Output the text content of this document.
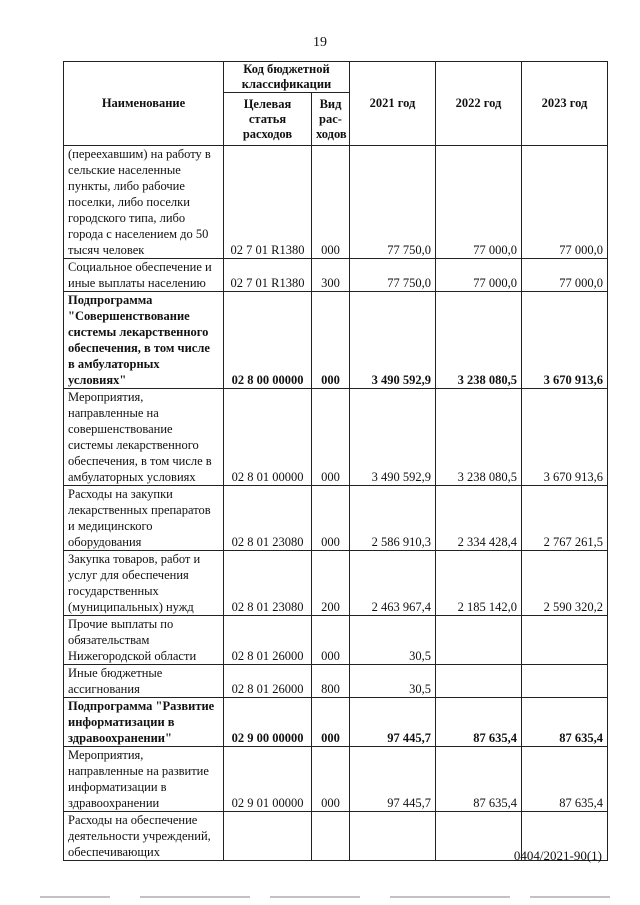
19
Наименование	Код бюджетной классификации		2021 год	2022 год	2023 год
	Целевая статья расходов	Вид рас-ходов			
(переехавшим) на работу в сельские населенные пункты, либо рабочие поселки, либо поселки городского типа, либо города с населением до 50 тысяч человек	02 7 01 R1380	000	77 750,0	77 000,0	77 000,0
Социальное обеспечение и иные выплаты населению	02 7 01 R1380	300	77 750,0	77 000,0	77 000,0
Подпрограмма "Совершенствование системы лекарственного обеспечения, в том числе в амбулаторных условиях"	02 8 00 00000	000	3 490 592,9	3 238 080,5	3 670 913,6
Мероприятия, направленные на совершенствование системы лекарственного обеспечения, в том числе в амбулаторных условиях	02 8 01 00000	000	3 490 592,9	3 238 080,5	3 670 913,6
Расходы на закупки лекарственных препаратов и медицинского оборудования	02 8 01 23080	000	2 586 910,3	2 334 428,4	2 767 261,5
Закупка товаров, работ и услуг для обеспечения государственных (муниципальных) нужд	02 8 01 23080	200	2 463 967,4	2 185 142,0	2 590 320,2
Прочие выплаты по обязательствам Нижегородской области	02 8 01 26000	000	30,5		
Иные бюджетные ассигнования	02 8 01 26000	800	30,5		
Подпрограмма "Развитие информатизации в здравоохранении"	02 9 00 00000	000	97 445,7	87 635,4	87 635,4
Мероприятия, направленные на развитие информатизации в здравоохранении	02 9 01 00000	000	97 445,7	87 635,4	87 635,4
Расходы на обеспечение деятельности учреждений, обеспечивающих						0404/2021-90(1)
